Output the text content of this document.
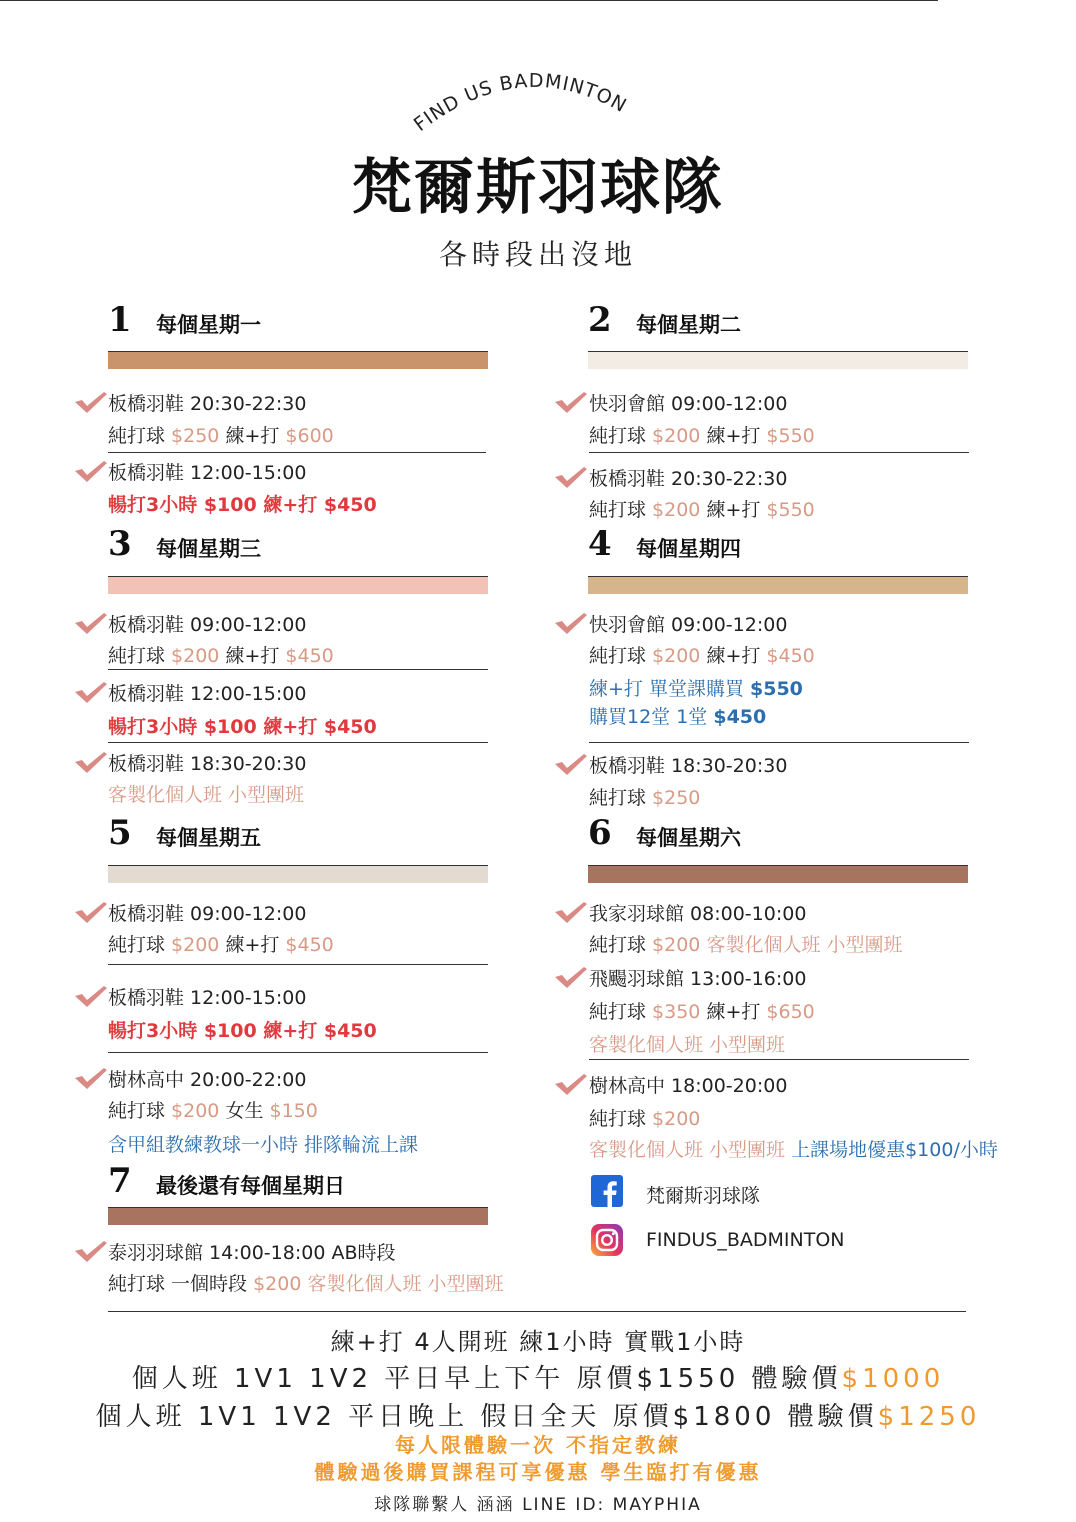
FIND US BADMINTON
梵爾斯羽球隊
各時段出沒地
1 每個星期一
板橋羽鞋 20:30-22:30
純打球 $250 練+打 $600
板橋羽鞋 12:00-15:00
暢打3小時 $100 練+打 $450
2 每個星期二
快羽會館 09:00-12:00
純打球 $200 練+打 $550
板橋羽鞋 20:30-22:30
純打球 $200 練+打 $550
3 每個星期三
板橋羽鞋 09:00-12:00
純打球 $200 練+打 $450
板橋羽鞋 12:00-15:00
暢打3小時 $100 練+打 $450
板橋羽鞋 18:30-20:30
客製化個人班 小型團班
4 每個星期四
快羽會館 09:00-12:00
純打球 $200 練+打 $450
練+打 單堂課購買 $550
購買12堂 1堂 $450
板橋羽鞋 18:30-20:30
純打球 $250
5 每個星期五
板橋羽鞋 09:00-12:00
純打球 $200 練+打 $450
板橋羽鞋 12:00-15:00
暢打3小時 $100 練+打 $450
樹林高中 20:00-22:00
純打球 $200 女生 $150
含甲組教練教球一小時 排隊輪流上課
6 每個星期六
我家羽球館 08:00-10:00
純打球 $200 客製化個人班 小型團班
飛颺羽球館 13:00-16:00
純打球 $350 練+打 $650
客製化個人班 小型團班
樹林高中 18:00-20:00
純打球 $200
客製化個人班 小型團班 上課場地優惠$100/小時
7 最後還有每個星期日
泰羽羽球館 14:00-18:00 AB時段
純打球 一個時段 $200 客製化個人班 小型團班
梵爾斯羽球隊
FINDUS_BADMINTON
練+打 4人開班 練1小時 實戰1小時
個人班 1V1 1V2 平日早上下午 原價$1550 體驗價$1000
個人班 1V1 1V2 平日晚上 假日全天 原價$1800 體驗價$1250
每人限體驗一次 不指定教練
體驗過後購買課程可享優惠 學生臨打有優惠
球隊聯繫人 涵涵 LINE ID: MAYPHIA
